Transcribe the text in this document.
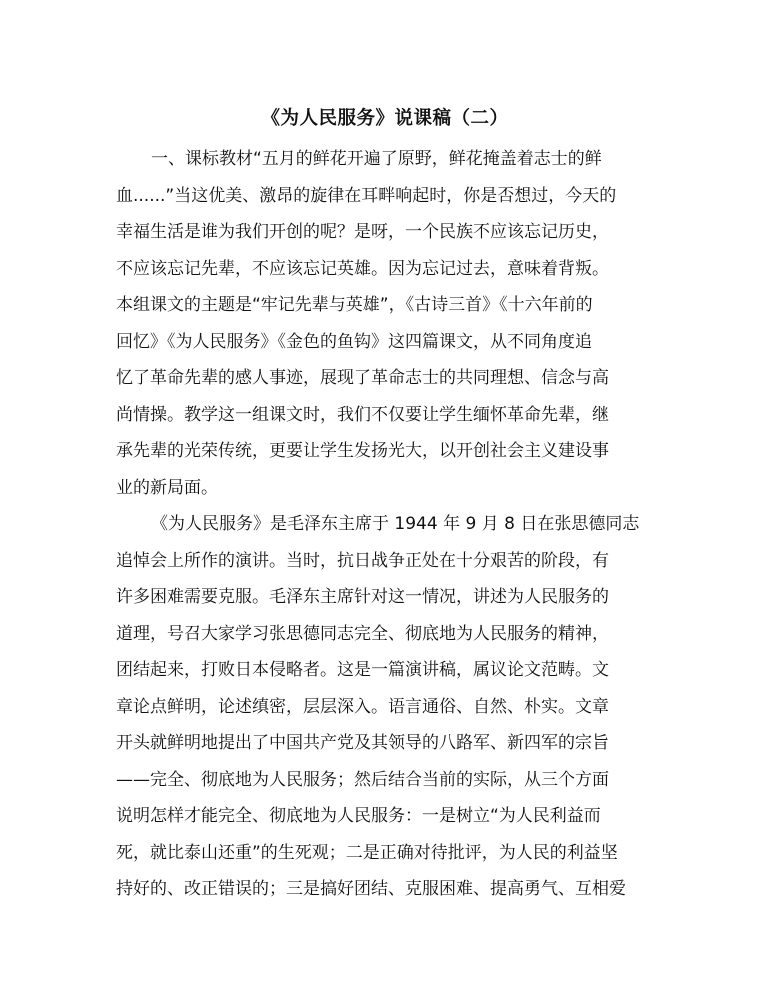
《为人民服务》说课稿（二）
一、课标教材“五月的鲜花开遍了原野，鲜花掩盖着志士的鲜
血......”当这优美、激昂的旋律在耳畔响起时，你是否想过，今天的
幸福生活是谁为我们开创的呢？是呀，一个民族不应该忘记历史，
不应该忘记先辈，不应该忘记英雄。因为忘记过去，意味着背叛。
本组课文的主题是“牢记先辈与英雄”，《古诗三首》《十六年前的
回忆》《为人民服务》《金色的鱼钩》这四篇课文，从不同角度追
忆了革命先辈的感人事迹，展现了革命志士的共同理想、信念与高
尚情操。教学这一组课文时，我们不仅要让学生缅怀革命先辈，继
承先辈的光荣传统，更要让学生发扬光大，以开创社会主义建设事
业的新局面。
《为人民服务》是毛泽东主席于 1944 年 9 月 8 日在张思德同志
追悼会上所作的演讲。当时，抗日战争正处在十分艰苦的阶段，有
许多困难需要克服。毛泽东主席针对这一情况，讲述为人民服务的
道理，号召大家学习张思德同志完全、彻底地为人民服务的精神，
团结起来，打败日本侵略者。这是一篇演讲稿，属议论文范畴。文
章论点鲜明，论述缜密，层层深入。语言通俗、自然、朴实。文章
开头就鲜明地提出了中国共产党及其领导的八路军、新四军的宗旨
——完全、彻底地为人民服务；然后结合当前的实际，从三个方面
说明怎样才能完全、彻底地为人民服务：一是树立“为人民利益而
死，就比泰山还重”的生死观；二是正确对待批评，为人民的利益坚
持好的、改正错误的；三是搞好团结、克服困难、提高勇气、互相爱
